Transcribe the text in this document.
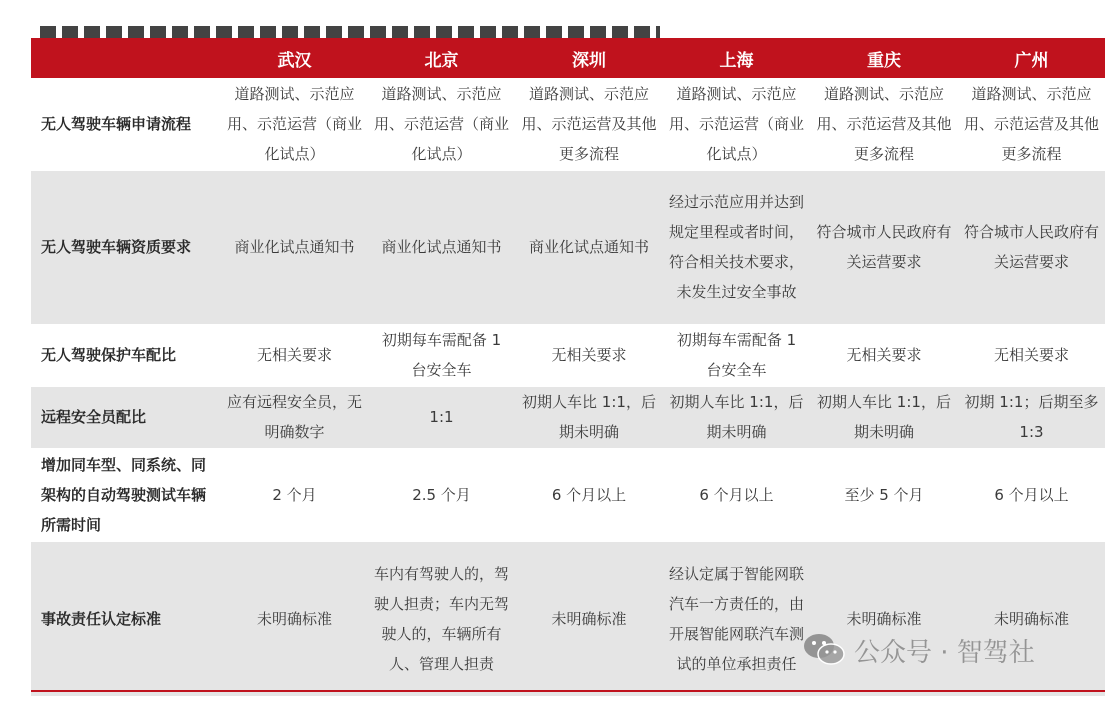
	武汉	北京	深圳	上海	重庆	广州
无人驾驶车辆申请流程	道路测试、示范应用、示范运营（商业化试点）	道路测试、示范应用、示范运营（商业化试点）	道路测试、示范应用、示范运营及其他更多流程	道路测试、示范应用、示范运营（商业化试点）	道路测试、示范应用、示范运营及其他更多流程	道路测试、示范应用、示范运营及其他更多流程
无人驾驶车辆资质要求	商业化试点通知书	商业化试点通知书	商业化试点通知书	经过示范应用并达到规定里程或者时间，符合相关技术要求，未发生过安全事故	符合城市人民政府有关运营要求	符合城市人民政府有关运营要求
无人驾驶保护车配比	无相关要求	初期每车需配备 1 台安全车	无相关要求	初期每车需配备 1 台安全车	无相关要求	无相关要求
远程安全员配比	应有远程安全员，无明确数字	1:1	初期人车比 1:1，后期未明确	初期人车比 1:1，后期未明确	初期人车比 1:1，后期未明确	初期 1:1；后期至多 1:3
增加同车型、同系统、同架构的自动驾驶测试车辆所需时间	2 个月	2.5 个月	6 个月以上	6 个月以上	至少 5 个月	6 个月以上
事故责任认定标准	未明确标准	车内有驾驶人的，驾驶人担责；车内无驾驶人的，车辆所有人、管理人担责	未明确标准	经认定属于智能网联汽车一方责任的，由开展智能网联汽车测试的单位承担责任	未明确标准	未明确标准
公众号 · 智驾社
